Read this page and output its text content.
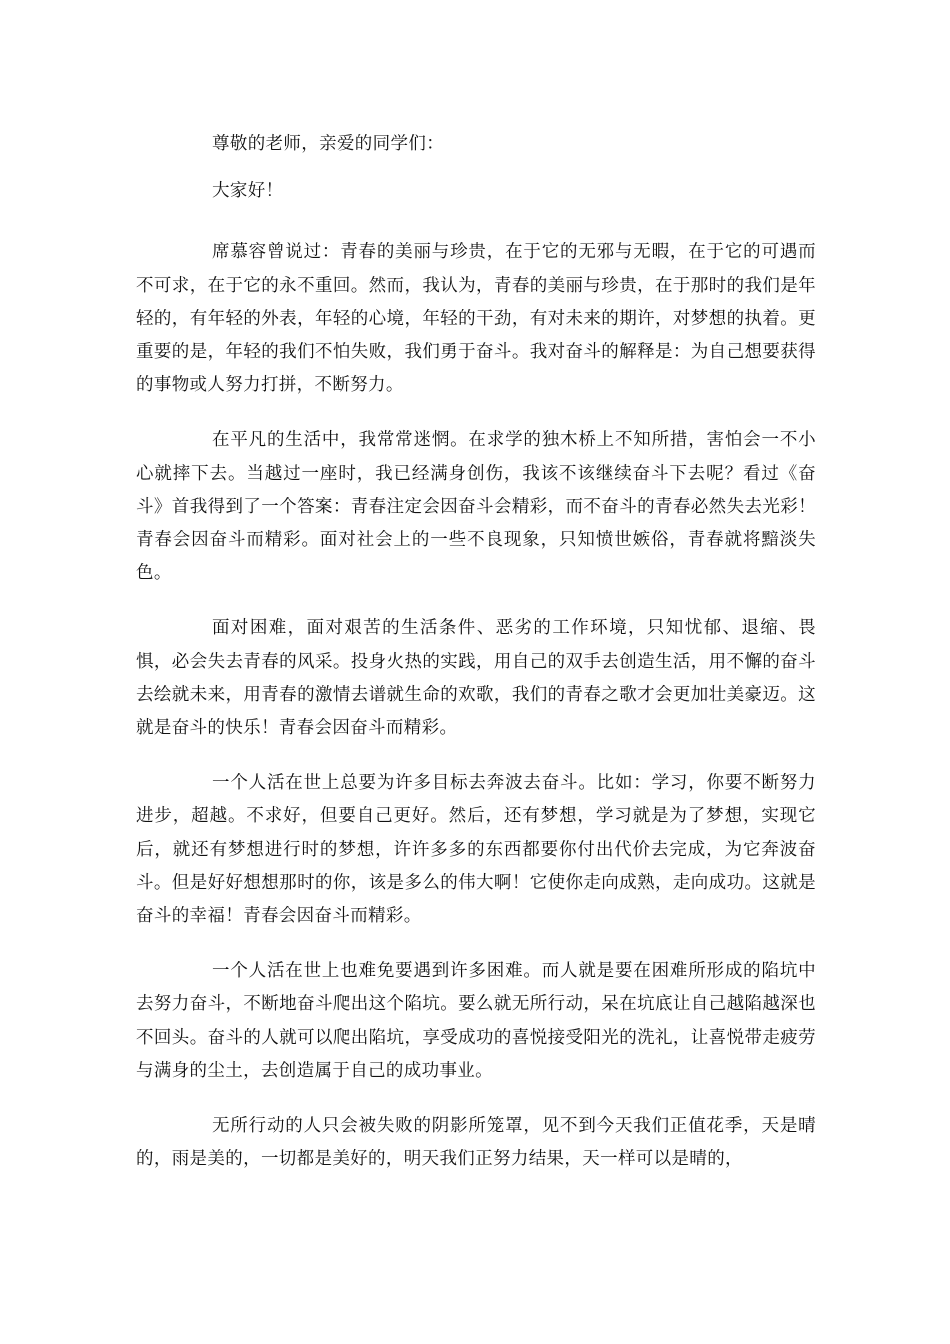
尊敬的老师，亲爱的同学们：

大家好！

席慕容曾说过：青春的美丽与珍贵，在于它的无邪与无暇，在于它的可遇而不可求，在于它的永不重回。然而，我认为，青春的美丽与珍贵，在于那时的我们是年轻的，有年轻的外表，年轻的心境，年轻的干劲，有对未来的期许，对梦想的执着。更重要的是，年轻的我们不怕失败，我们勇于奋斗。我对奋斗的解释是：为自己想要获得的事物或人努力打拼，不断努力。

在平凡的生活中，我常常迷惘。在求学的独木桥上不知所措，害怕会一不小心就摔下去。当越过一座时，我已经满身创伤，我该不该继续奋斗下去呢？看过《奋斗》首我得到了一个答案：青春注定会因奋斗会精彩，而不奋斗的青春必然失去光彩！青春会因奋斗而精彩。面对社会上的一些不良现象，只知愤世嫉俗，青春就将黯淡失色。

面对困难，面对艰苦的生活条件、恶劣的工作环境，只知忧郁、退缩、畏惧，必会失去青春的风采。投身火热的实践，用自己的双手去创造生活，用不懈的奋斗去绘就未来，用青春的激情去谱就生命的欢歌，我们的青春之歌才会更加壮美豪迈。这就是奋斗的快乐！青春会因奋斗而精彩。

一个人活在世上总要为许多目标去奔波去奋斗。比如：学习，你要不断努力进步，超越。不求好，但要自己更好。然后，还有梦想，学习就是为了梦想，实现它后，就还有梦想进行时的梦想，许许多多的东西都要你付出代价去完成，为它奔波奋斗。但是好好想想那时的你，该是多么的伟大啊！它使你走向成熟，走向成功。这就是奋斗的幸福！青春会因奋斗而精彩。

一个人活在世上也难免要遇到许多困难。而人就是要在困难所形成的陷坑中去努力奋斗，不断地奋斗爬出这个陷坑。要么就无所行动，呆在坑底让自己越陷越深也不回头。奋斗的人就可以爬出陷坑，享受成功的喜悦接受阳光的洗礼，让喜悦带走疲劳与满身的尘土，去创造属于自己的成功事业。

无所行动的人只会被失败的阴影所笼罩，见不到今天我们正值花季，天是晴的，雨是美的，一切都是美好的，明天我们正努力结果，天一样可以是晴的，
